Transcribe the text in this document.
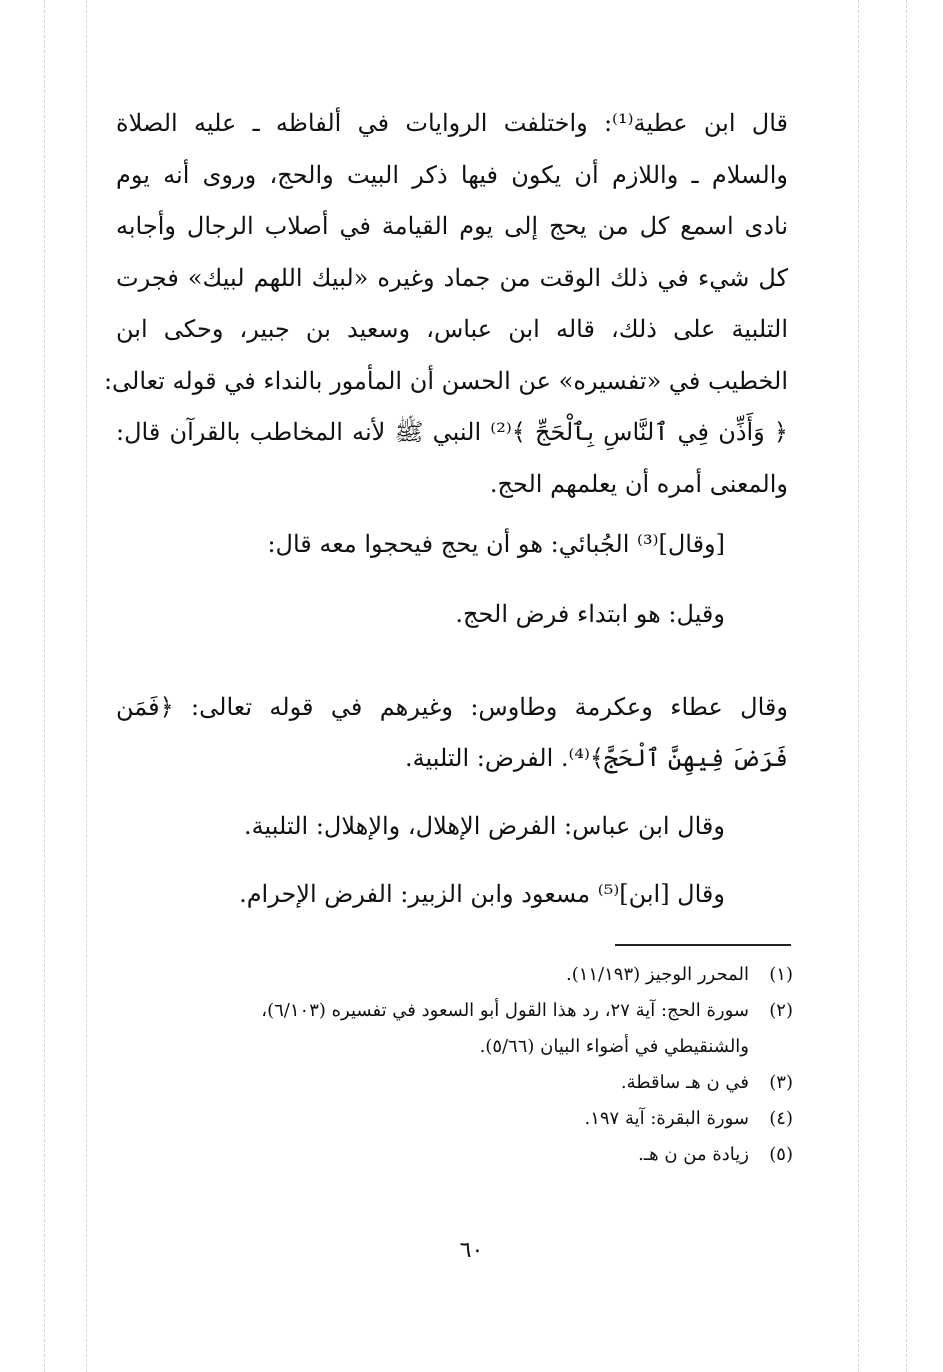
قال ابن عطية⁽¹⁾: واختلفت الروايات في ألفاظه ـ عليه الصلاة
والسلام ـ واللازم أن يكون فيها ذكر البيت والحج، وروى أنه يوم
نادى اسمع كل من يحج إلى يوم القيامة في أصلاب الرجال وأجابه
كل شيء في ذلك الوقت من جماد وغيره «لبيك اللهم لبيك» فجرت
التلبية على ذلك، قاله ابن عباس، وسعيد بن جبير، وحكى ابن
الخطيب في «تفسيره» عن الحسن أن المأمور بالنداء في قوله تعالى:
﴿ وَأَذِّن فِي ٱلنَّاسِ بِٱلْحَجِّ ﴾⁽²⁾ النبي ﷺ لأنه المخاطب بالقرآن قال:
والمعنى أمره أن يعلمهم الحج.
[وقال]⁽³⁾ الجُبائي: هو أن يحج فيحجوا معه قال:
وقيل: هو ابتداء فرض الحج.
وقال عطاء وعكرمة وطاوس: وغيرهم في قوله تعالى: ﴿فَمَن
فَرَضَ فِيهِنَّ ٱلْحَجَّ﴾⁽⁴⁾. الفرض: التلبية.
وقال ابن عباس: الفرض الإهلال، والإهلال: التلبية.
وقال [ابن]⁽⁵⁾ مسعود وابن الزبير: الفرض الإحرام.
(١)
المحرر الوجيز (١١/١٩٣).
(٢)
سورة الحج: آية ٢٧، رد هذا القول أبو السعود في تفسيره (٦/١٠٣)،
والشنقيطي في أضواء البيان (٥/٦٦).
(٣)
في ن هـ ساقطة.
(٤)
سورة البقرة: آية ١٩٧.
(٥)
زيادة من ن هـ.
٦٠
